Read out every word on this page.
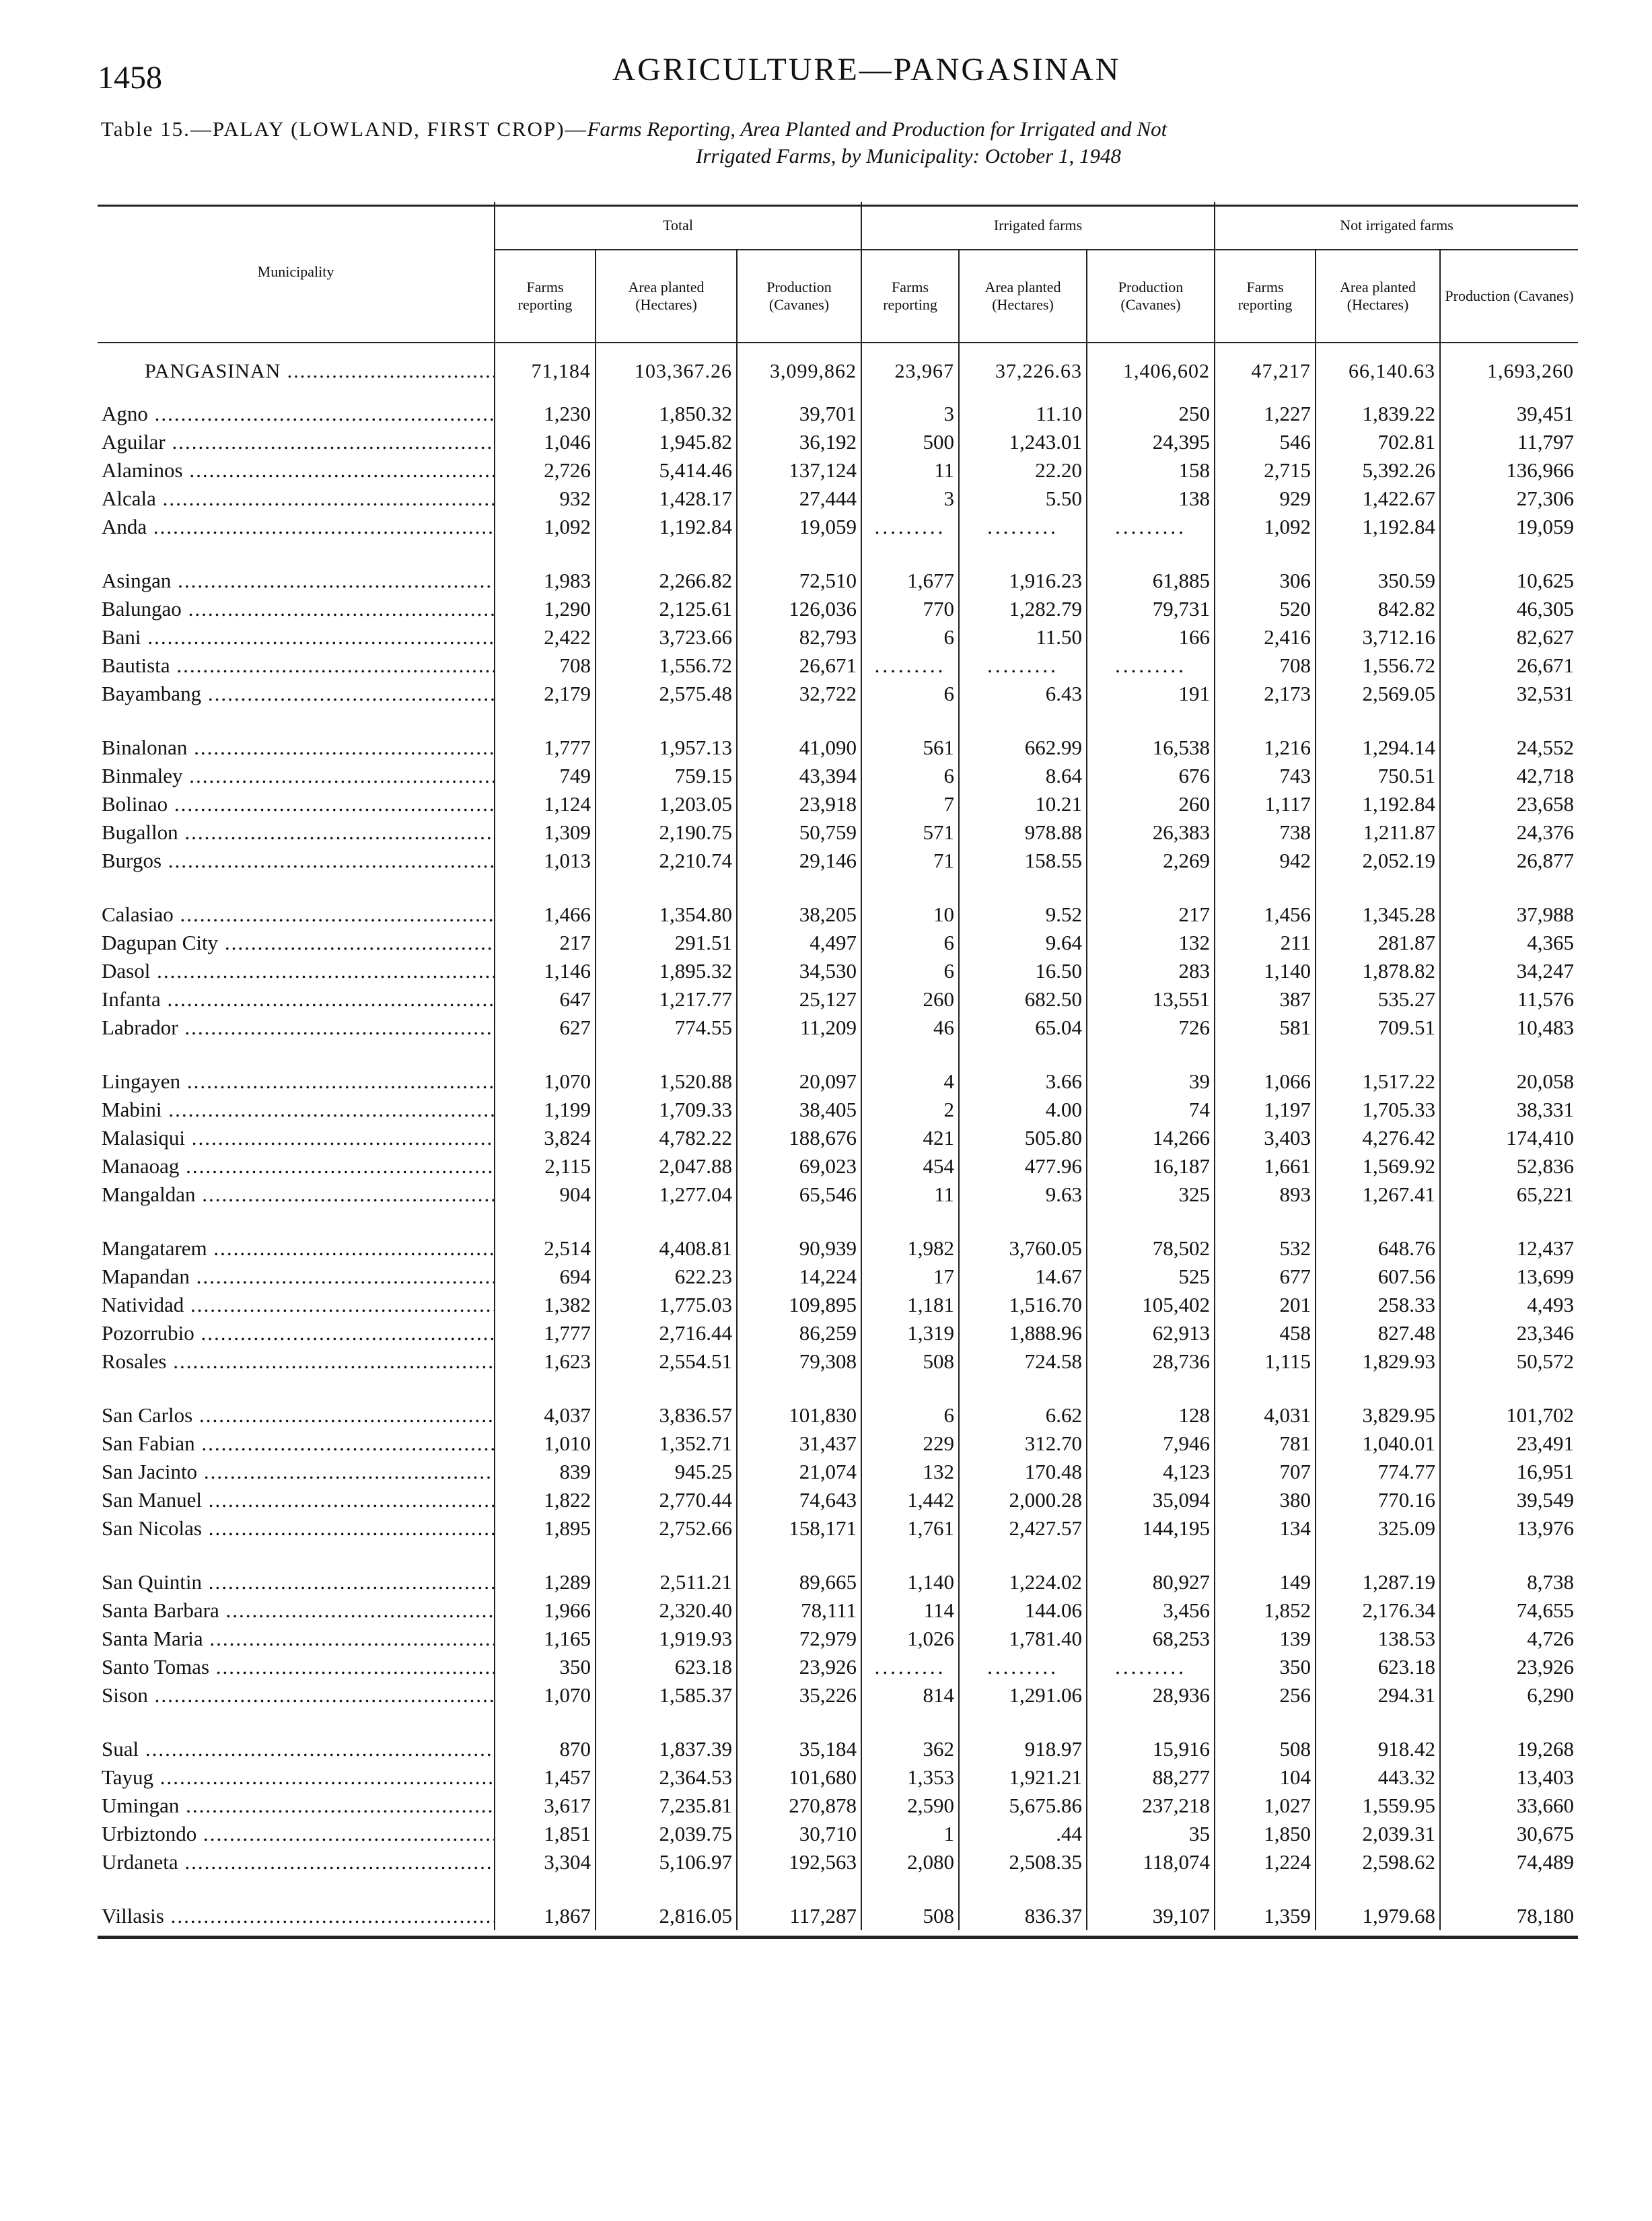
1458	AGRICULTURE—PANGASINAN
Table 15.—PALAY (LOWLAND, FIRST CROP)—Farms Reporting, Area Planted and Production for Irrigated and Not
Irrigated Farms, by Municipality: October 1, 1948
Municipality	Total			Irrigated farms			Not irrigated farms		
	Farms reporting	Area planted (Hectares)	Production (Cavanes)	Farms reporting	Area planted (Hectares)	Production (Cavanes)	Farms reporting	Area planted (Hectares)	Production (Cavanes)
PANGASINAN .....	71,184	103,367.26	3,099,862	23,967	37,226.63	1,406,602	47,217	66,140.63	1,693,260
Agno .....	1,230	1,850.32	39,701	3	11.10	250	1,227	1,839.22	39,451
Aguilar .....	1,046	1,945.82	36,192	500	1,243.01	24,395	546	702.81	11,797
Alaminos .....	2,726	5,414.46	137,124	11	22.20	158	2,715	5,392.26	136,966
Alcala .....	932	1,428.17	27,444	3	5.50	138	929	1,422.67	27,306
Anda .....	1,092	1,192.84	19,059	.........	.........	.........	1,092	1,192.84	19,059

Asingan .....	1,983	2,266.82	72,510	1,677	1,916.23	61,885	306	350.59	10,625
Balungao .....	1,290	2,125.61	126,036	770	1,282.79	79,731	520	842.82	46,305
Bani .....	2,422	3,723.66	82,793	6	11.50	166	2,416	3,712.16	82,627
Bautista .....	708	1,556.72	26,671	.........	.........	.........	708	1,556.72	26,671
Bayambang .....	2,179	2,575.48	32,722	6	6.43	191	2,173	2,569.05	32,531

Binalonan .....	1,777	1,957.13	41,090	561	662.99	16,538	1,216	1,294.14	24,552
Binmaley .....	749	759.15	43,394	6	8.64	676	743	750.51	42,718
Bolinao .....	1,124	1,203.05	23,918	7	10.21	260	1,117	1,192.84	23,658
Bugallon .....	1,309	2,190.75	50,759	571	978.88	26,383	738	1,211.87	24,376
Burgos .....	1,013	2,210.74	29,146	71	158.55	2,269	942	2,052.19	26,877

Calasiao .....	1,466	1,354.80	38,205	10	9.52	217	1,456	1,345.28	37,988
Dagupan City .....	217	291.51	4,497	6	9.64	132	211	281.87	4,365
Dasol .....	1,146	1,895.32	34,530	6	16.50	283	1,140	1,878.82	34,247
Infanta .....	647	1,217.77	25,127	260	682.50	13,551	387	535.27	11,576
Labrador .....	627	774.55	11,209	46	65.04	726	581	709.51	10,483

Lingayen .....	1,070	1,520.88	20,097	4	3.66	39	1,066	1,517.22	20,058
Mabini .....	1,199	1,709.33	38,405	2	4.00	74	1,197	1,705.33	38,331
Malasiqui .....	3,824	4,782.22	188,676	421	505.80	14,266	3,403	4,276.42	174,410
Manaoag .....	2,115	2,047.88	69,023	454	477.96	16,187	1,661	1,569.92	52,836
Mangaldan .....	904	1,277.04	65,546	11	9.63	325	893	1,267.41	65,221

Mangatarem .....	2,514	4,408.81	90,939	1,982	3,760.05	78,502	532	648.76	12,437
Mapandan .....	694	622.23	14,224	17	14.67	525	677	607.56	13,699
Natividad .....	1,382	1,775.03	109,895	1,181	1,516.70	105,402	201	258.33	4,493
Pozorrubio .....	1,777	2,716.44	86,259	1,319	1,888.96	62,913	458	827.48	23,346
Rosales .....	1,623	2,554.51	79,308	508	724.58	28,736	1,115	1,829.93	50,572

San Carlos .....	4,037	3,836.57	101,830	6	6.62	128	4,031	3,829.95	101,702
San Fabian .....	1,010	1,352.71	31,437	229	312.70	7,946	781	1,040.01	23,491
San Jacinto .....	839	945.25	21,074	132	170.48	4,123	707	774.77	16,951
San Manuel .....	1,822	2,770.44	74,643	1,442	2,000.28	35,094	380	770.16	39,549
San Nicolas .....	1,895	2,752.66	158,171	1,761	2,427.57	144,195	134	325.09	13,976

San Quintin .....	1,289	2,511.21	89,665	1,140	1,224.02	80,927	149	1,287.19	8,738
Santa Barbara .....	1,966	2,320.40	78,111	114	144.06	3,456	1,852	2,176.34	74,655
Santa Maria .....	1,165	1,919.93	72,979	1,026	1,781.40	68,253	139	138.53	4,726
Santo Tomas .....	350	623.18	23,926	.........	.........	.........	350	623.18	23,926
Sison .....	1,070	1,585.37	35,226	814	1,291.06	28,936	256	294.31	6,290

Sual .....	870	1,837.39	35,184	362	918.97	15,916	508	918.42	19,268
Tayug .....	1,457	2,364.53	101,680	1,353	1,921.21	88,277	104	443.32	13,403
Umingan .....	3,617	7,235.81	270,878	2,590	5,675.86	237,218	1,027	1,559.95	33,660
Urbiztondo .....	1,851	2,039.75	30,710	1	.44	35	1,850	2,039.31	30,675
Urdaneta .....	3,304	5,106.97	192,563	2,080	2,508.35	118,074	1,224	2,598.62	74,489

Villasis .....	1,867	2,816.05	117,287	508	836.37	39,107	1,359	1,979.68	78,180
